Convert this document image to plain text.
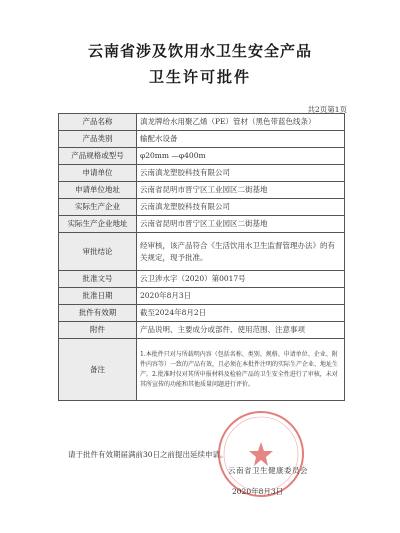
云南省涉及饮用水卫生安全产品
卫生许可批件
共2页第1页
产品名称	滇龙牌给水用聚乙烯（PE）管材（黑色带蓝色线条）
产品类别	输配水设备
产品规格或型号	φ20mm —φ400m
申请单位	云南滇龙塑胶科技有限公司
申请单位地址	云南省昆明市晋宁区工业园区二街基地
实际生产企业	云南滇龙塑胶科技有限公司
实际生产企业地址	云南省昆明市晋宁区工业园区二街基地
审批结论	经审核，该产品符合《生活饮用水卫生监督管理办法》的有关规定，现予批准。
批准文号	云卫涉水字（2020）第0017号
批准日期	2020年8月3日
批件有效期	截至2024年8月2日
附件	产品说明、主要成分或部件、使用范围、注意事项
备注	1.本批件只对与所载明内容（包括名称、类别、规格、申请单位、企业、附件内容等）一致的产品有效，且必须在本批件注明的实际生产企业、地址生产。2.批准时仅对其所申报材料及检验产品的卫生安全性进行了审核，未对其所宣传的功能和其他质量问题进行评价。
请于批件有效期届满前30日之前提出延续申请。
云南省卫生健康委员会
2020年8月3日
